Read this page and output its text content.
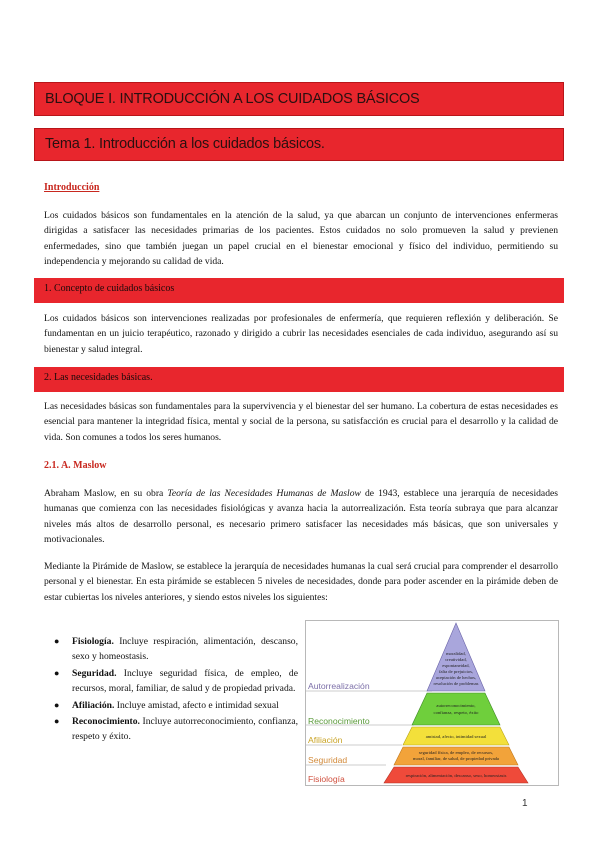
BLOQUE I. INTRODUCCIÓN A LOS CUIDADOS BÁSICOS
Tema 1. Introducción a los cuidados básicos.
Introducción

Los cuidados básicos son fundamentales en la atención de la salud, ya que abarcan un conjunto de intervenciones enfermeras dirigidas a satisfacer las necesidades primarias de los pacientes. Estos cuidados no solo promueven la salud y previenen enfermedades, sino que también juegan un papel crucial en el bienestar emocional y físico del individuo, permitiendo su independencia y mejorando su calidad de vida.

1. Concepto de cuidados básicos

Los cuidados básicos son intervenciones realizadas por profesionales de enfermería, que requieren reflexión y deliberación. Se fundamentan en un juicio terapéutico, razonado y dirigido a cubrir las necesidades esenciales de cada individuo, asegurando así su bienestar y salud integral.

2. Las necesidades básicas.

Las necesidades básicas son fundamentales para la supervivencia y el bienestar del ser humano. La cobertura de estas necesidades es esencial para mantener la integridad física, mental y social de la persona, su satisfacción es crucial para el desarrollo y la calidad de vida. Son comunes a todos los seres humanos.

2.1. A. Maslow

Abraham Maslow, en su obra Teoría de las Necesidades Humanas de Maslow de 1943, establece una jerarquía de necesidades humanas que comienza con las necesidades fisiológicas y avanza hacia la autorrealización. Esta teoría subraya que para alcanzar niveles más altos de desarrollo personal, es necesario primero satisfacer las necesidades más básicas, que son universales y motivacionales.

Mediante la Pirámide de Maslow, se establece la jerarquía de necesidades humanas la cual será crucial para comprender el desarrollo personal y el bienestar. En esta pirámide se establecen 5 niveles de necesidades, donde para poder ascender en la pirámide deben de estar cubiertas los niveles anteriores, y siendo estos niveles los siguientes:

● Fisiología. Incluye respiración, alimentación, descanso, sexo y homeostasis.
● Seguridad. Incluye seguridad física, de empleo, de recursos, moral, familiar, de salud y de propiedad privada.
● Afiliación. Incluye amistad, afecto e intimidad sexual
● Reconocimiento. Incluye autorreconocimiento, confianza, respeto y éxito.
Autorrealización
Reconocimiento
Afiliación
Seguridad
Fisiología
moralidad,
creatividad,
espontaneidad,
falta de prejuicios,
aceptación de hechos,
resolución de problemas
autorreconocimiento,
confianza, respeto, éxito
amistad, afecto, intimidad sexual
seguridad física, de empleo, de recursos,
moral, familiar, de salud, de propiedad privada
respiración, alimentación, descanso, sexo, homeostasis
1
